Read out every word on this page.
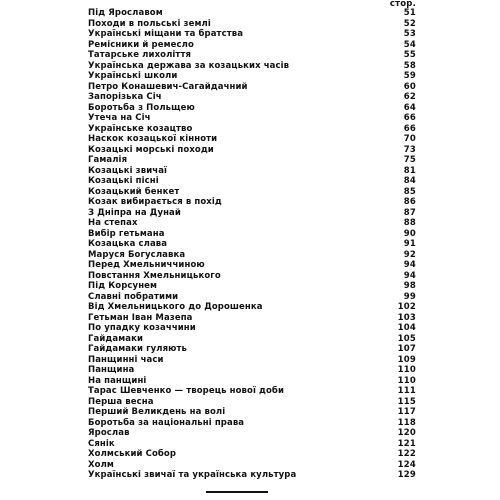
стор.
Під Ярославом	51
Походи в польські землі	52
Українські міщани та братства	53
Ремісники й ремесло	54
Татарське лихоліття	55
Українська держава за козацьких часів	58
Українські школи	59
Петро Конашевич-Сагайдачний	60
Запорізька Січ	62
Боротьба з Польщею	64
Утеча на Січ	66
Українське козацтво	66
Наскок козацької кінноти	70
Козацькі морські походи	73
Гамалія	75
Козацькі звичаї	81
Козацькі пісні	84
Козацький бенкет	85
Козак вибирається в похід	86
З Дніпра на Дунай	87
На степах	88
Вибір гетьмана	90
Козацька слава	91
Маруся Богуславка	92
Перед Хмельниччиною	94
Повстання Хмельницького	94
Під Корсунем	98
Славні побратими	99
Від Хмельницького до Дорошенка	102
Гетьман Іван Мазепа	103
По упадку козаччини	104
Гайдамаки	105
Гайдамаки гуляють	107
Панщинні часи	109
Панщина	110
На панщині	110
Тарас Шевченко — творець нової доби	111
Перша весна	115
Перший Великдень на волі	117
Боротьба за національні права	118
Ярослав	120
Сянік	121
Холмський Собор	122
Холм	124
Українські звичаї та українська культура	129
